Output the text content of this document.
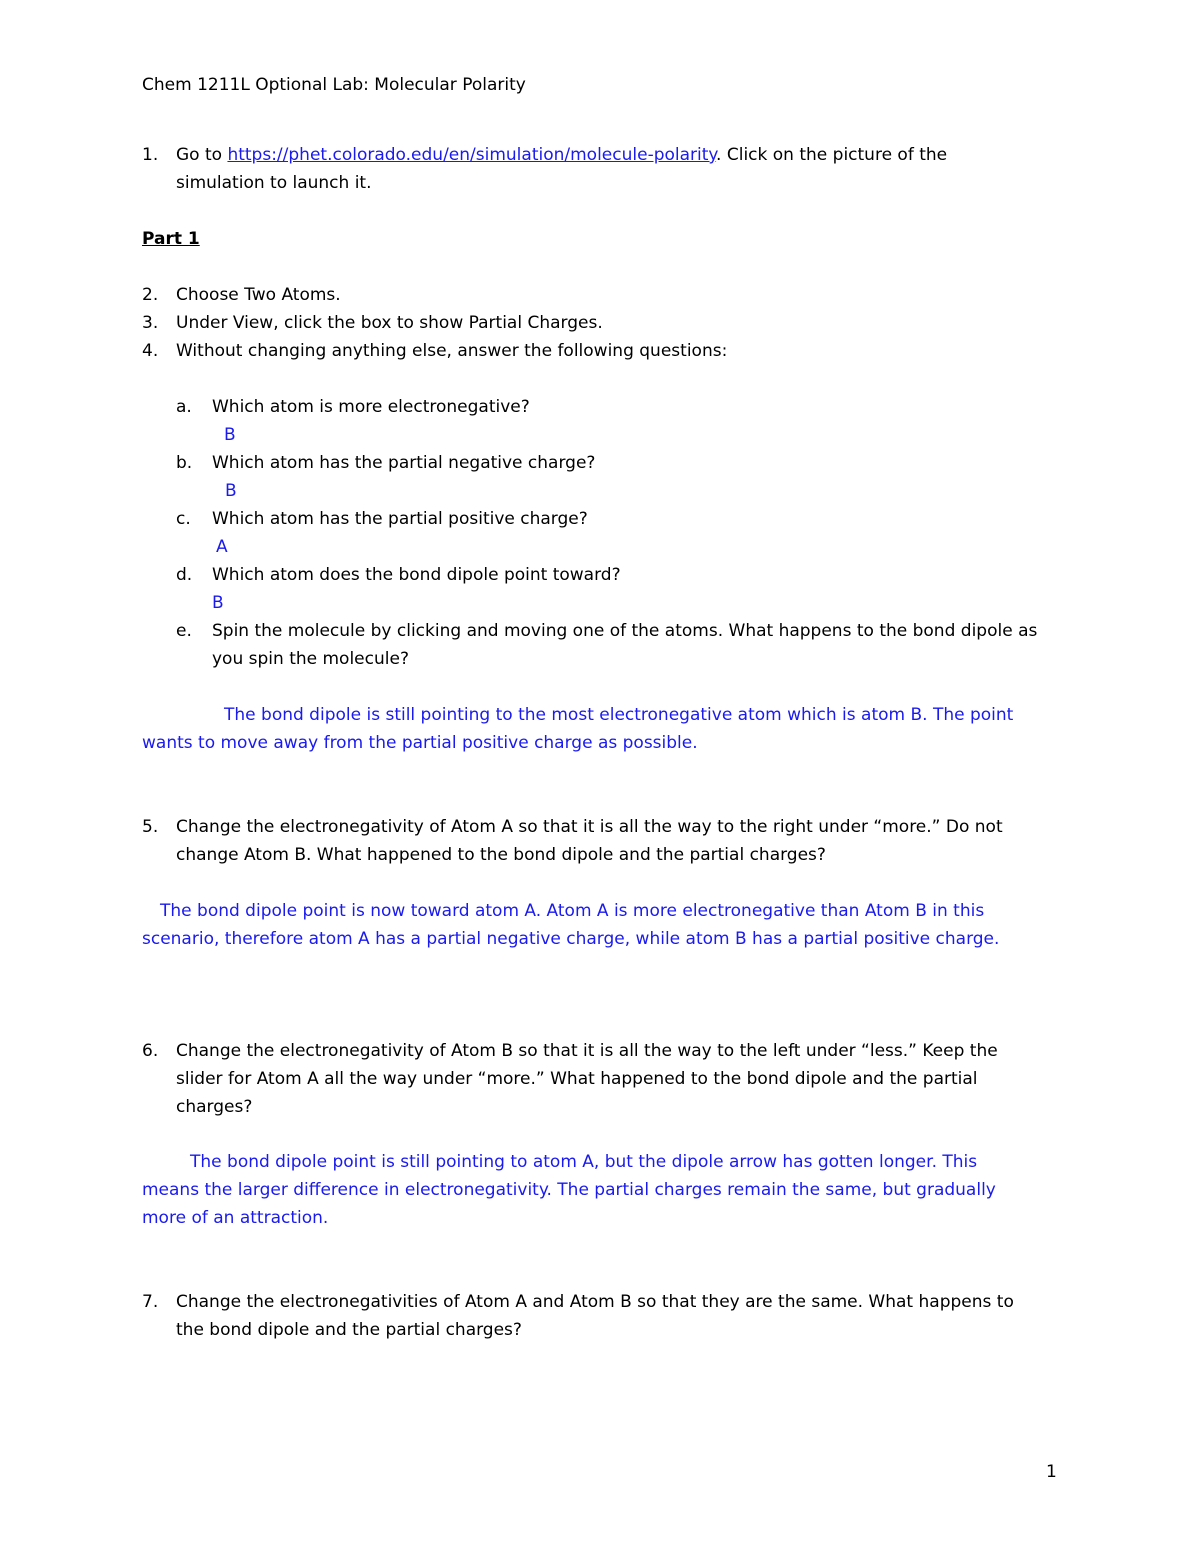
Chem 1211L Optional Lab: Molecular Polarity
1. Go to https://phet.colorado.edu/en/simulation/molecule-polarity. Click on the picture of the
simulation to launch it.
Part 1
2. Choose Two Atoms.
3. Under View, click the box to show Partial Charges.
4. Without changing anything else, answer the following questions:
a. Which atom is more electronegative?
B
b. Which atom has the partial negative charge?
B
c. Which atom has the partial positive charge?
A
d. Which atom does the bond dipole point toward?
B
e. Spin the molecule by clicking and moving one of the atoms. What happens to the bond dipole as
you spin the molecule?
The bond dipole is still pointing to the most electronegative atom which is atom B. The point
wants to move away from the partial positive charge as possible.
5. Change the electronegativity of Atom A so that it is all the way to the right under “more.” Do not
change Atom B. What happened to the bond dipole and the partial charges?
The bond dipole point is now toward atom A. Atom A is more electronegative than Atom B in this
scenario, therefore atom A has a partial negative charge, while atom B has a partial positive charge.
6. Change the electronegativity of Atom B so that it is all the way to the left under “less.” Keep the
slider for Atom A all the way under “more.” What happened to the bond dipole and the partial
charges?
The bond dipole point is still pointing to atom A, but the dipole arrow has gotten longer. This
means the larger difference in electronegativity. The partial charges remain the same, but gradually
more of an attraction.
7. Change the electronegativities of Atom A and Atom B so that they are the same. What happens to
the bond dipole and the partial charges?
1
